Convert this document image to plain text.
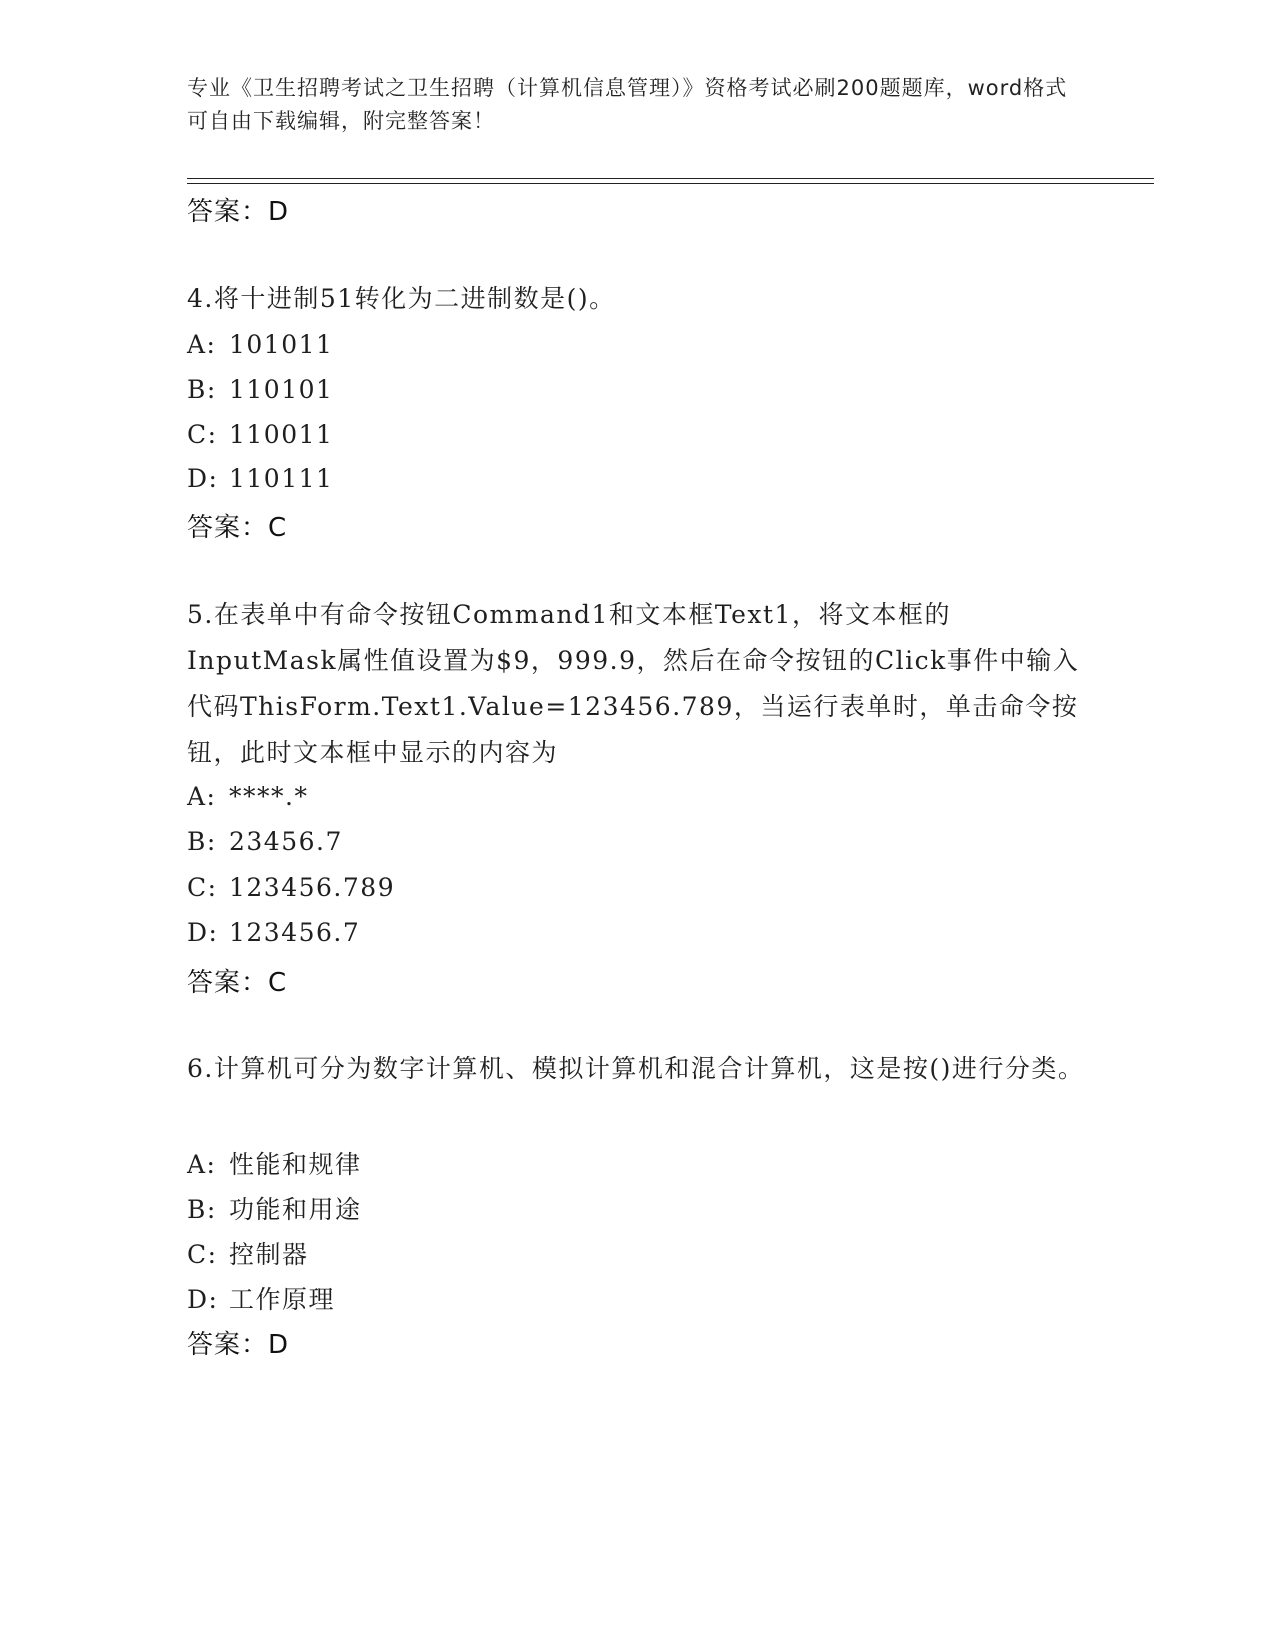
专业《卫生招聘考试之卫生招聘（计算机信息管理）》资格考试必刷200题题库，word格式可自由下载编辑，附完整答案！
答案：D
4.将十进制51转化为二进制数是()。
A: 101011
B: 110101
C: 110011
D: 110111
答案：C
5.在表单中有命令按钮Command1和文本框Text1，将文本框的InputMask属性值设置为$9，999.9，然后在命令按钮的Click事件中输入代码ThisForm.Text1.Value=123456.789，当运行表单时，单击命令按钮，此时文本框中显示的内容为
A: ****.*
B: 23456.7
C: 123456.789
D: 123456.7
答案：C
6.计算机可分为数字计算机、模拟计算机和混合计算机，这是按()进行分类。
A: 性能和规律
B: 功能和用途
C: 控制器
D: 工作原理
答案：D
